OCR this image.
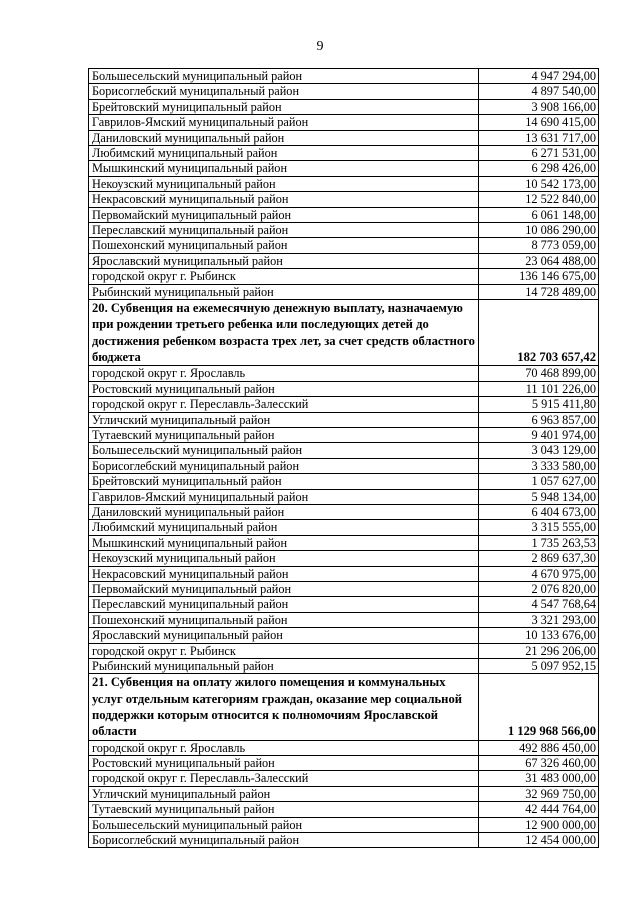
9
Большесельский муниципальный район	4 947 294,00
Борисоглебский муниципальный район	4 897 540,00
Брейтовский муниципальный район	3 908 166,00
Гаврилов-Ямский муниципальный район	14 690 415,00
Даниловский муниципальный район	13 631 717,00
Любимский муниципальный район	6 271 531,00
Мышкинский муниципальный район	6 298 426,00
Некоузский муниципальный район	10 542 173,00
Некрасовский муниципальный район	12 522 840,00
Первомайский муниципальный район	6 061 148,00
Переславский муниципальный район	10 086 290,00
Пошехонский муниципальный район	8 773 059,00
Ярославский муниципальный район	23 064 488,00
городской округ г. Рыбинск	136 146 675,00
Рыбинский муниципальный район	14 728 489,00
20. Субвенция на ежемесячную денежную выплату, назначаемую при рождении третьего ребенка или последующих детей до достижения ребенком возраста трех лет, за счет средств областного бюджета	182 703 657,42
городской округ г. Ярославль	70 468 899,00
Ростовский муниципальный район	11 101 226,00
городской округ г. Переславль-Залесский	5 915 411,80
Угличский муниципальный район	6 963 857,00
Тутаевский муниципальный район	9 401 974,00
Большесельский муниципальный район	3 043 129,00
Борисоглебский муниципальный район	3 333 580,00
Брейтовский муниципальный район	1 057 627,00
Гаврилов-Ямский муниципальный район	5 948 134,00
Даниловский муниципальный район	6 404 673,00
Любимский муниципальный район	3 315 555,00
Мышкинский муниципальный район	1 735 263,53
Некоузский муниципальный район	2 869 637,30
Некрасовский муниципальный район	4 670 975,00
Первомайский муниципальный район	2 076 820,00
Переславский муниципальный район	4 547 768,64
Пошехонский муниципальный район	3 321 293,00
Ярославский муниципальный район	10 133 676,00
городской округ г. Рыбинск	21 296 206,00
Рыбинский муниципальный район	5 097 952,15
21. Субвенция на оплату жилого помещения и коммунальных услуг отдельным категориям граждан, оказание мер социальной поддержки которым относится к полномочиям Ярославской области	1 129 968 566,00
городской округ г. Ярославль	492 886 450,00
Ростовский муниципальный район	67 326 460,00
городской округ г. Переславль-Залесский	31 483 000,00
Угличский муниципальный район	32 969 750,00
Тутаевский муниципальный район	42 444 764,00
Большесельский муниципальный район	12 900 000,00
Борисоглебский муниципальный район	12 454 000,00
